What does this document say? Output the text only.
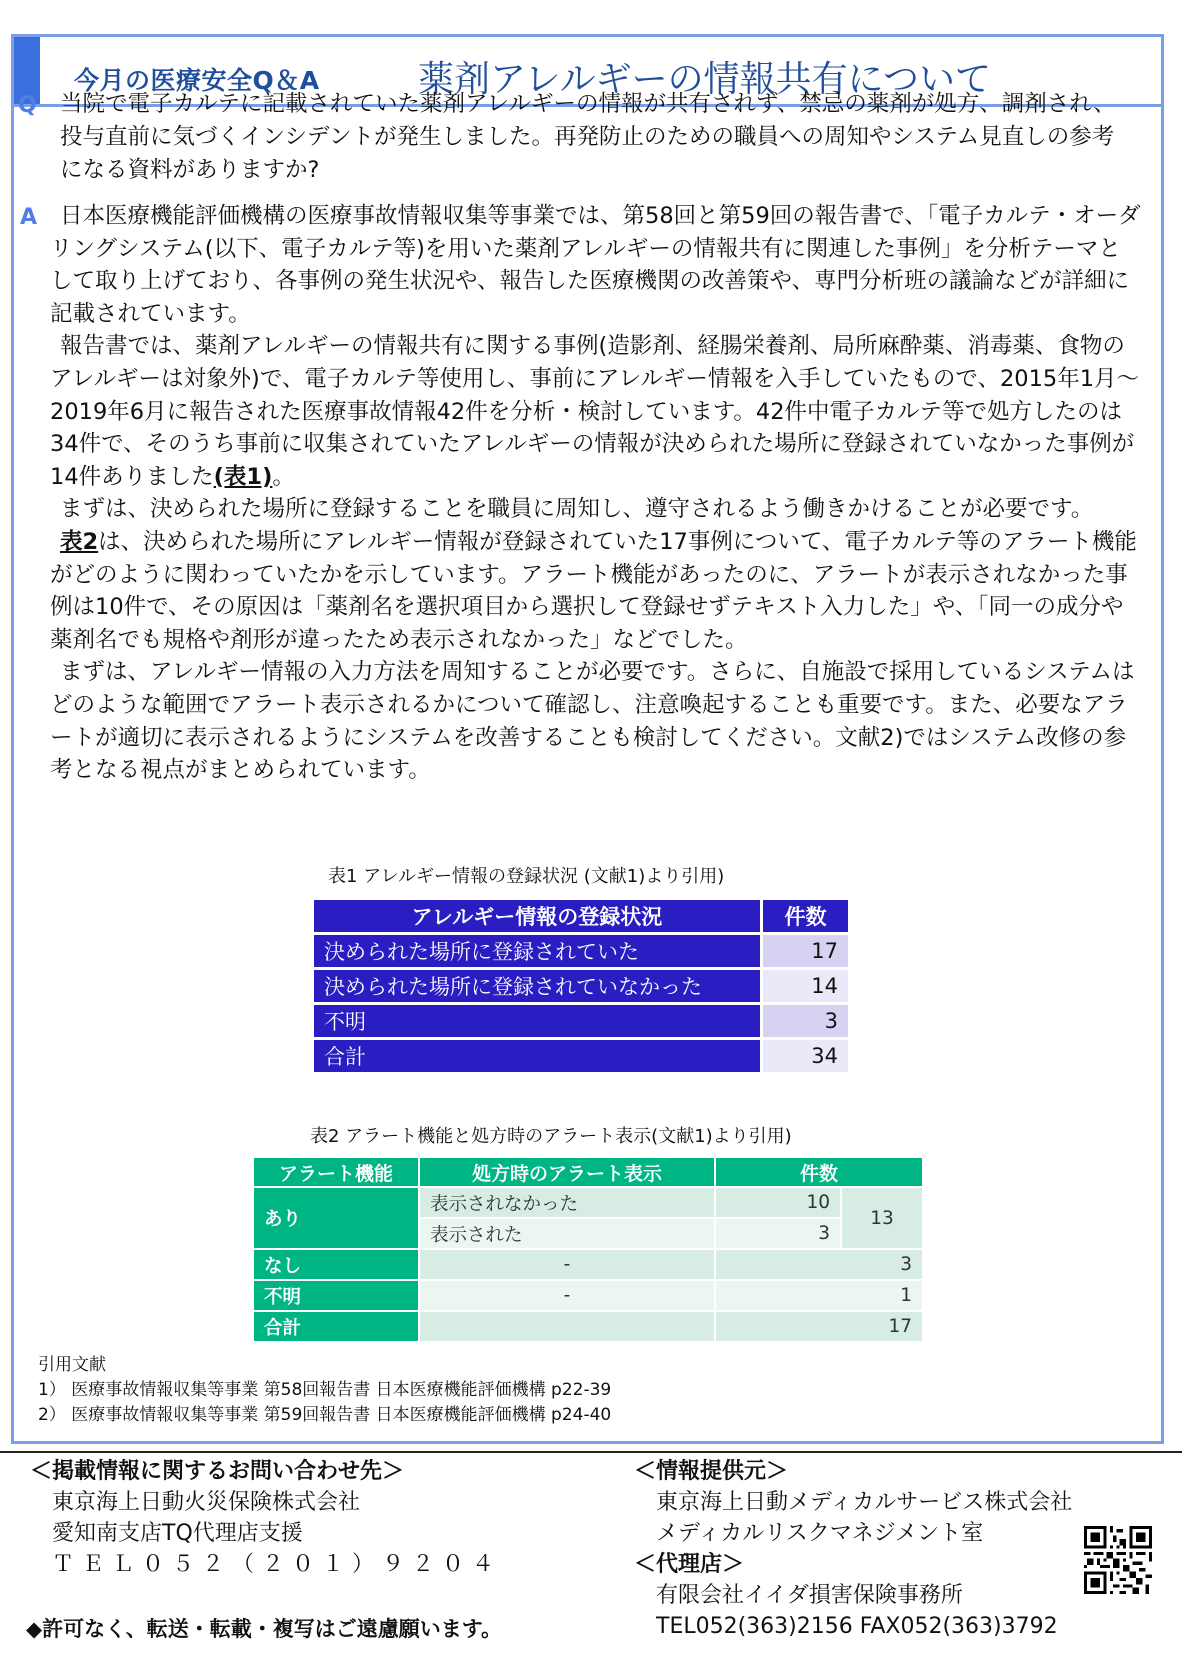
今月の医療安全Q＆A	薬剤アレルギーの情報共有について
Q 当院で電子カルテに記載されていた薬剤アレルギーの情報が共有されず、禁忌の薬剤が処方、調剤され、投与直前に気づくインシデントが発生しました。再発防止のための職員への周知やシステム見直しの参考になる資料がありますか?
A	日本医療機能評価機構の医療事故情報収集等事業では、第58回と第59回の報告書で、「電子カルテ・オーダリングシステム(以下、電子カルテ等)を用いた薬剤アレルギーの情報共有に関連した事例」を分析テーマとして取り上げており、各事例の発生状況や、報告した医療機関の改善策や、専門分析班の議論などが詳細に記載されています。

報告書では、薬剤アレルギーの情報共有に関する事例(造影剤、経腸栄養剤、局所麻酔薬、消毒薬、食物のアレルギーは対象外)で、電子カルテ等使用し、事前にアレルギー情報を入手していたもので、2015年1月～2019年6月に報告された医療事故情報42件を分析・検討しています。42件中電子カルテ等で処方したのは34件で、そのうち事前に収集されていたアレルギーの情報が決められた場所に登録されていなかった事例が14件ありました(表1)。

まずは、決められた場所に登録することを職員に周知し、遵守されるよう働きかけることが必要です。

表2は、決められた場所にアレルギー情報が登録されていた17事例について、電子カルテ等のアラート機能がどのように関わっていたかを示しています。アラート機能があったのに、アラートが表示されなかった事例は10件で、その原因は「薬剤名を選択項目から選択して登録せずテキスト入力した」や、「同一の成分や薬剤名でも規格や剤形が違ったため表示されなかった」などでした。

まずは、アレルギー情報の入力方法を周知することが必要です。さらに、自施設で採用しているシステムはどのような範囲でアラート表示されるかについて確認し、注意喚起することも重要です。また、必要なアラートが適切に表示されるようにシステムを改善することも検討してください。文献2)ではシステム改修の参考となる視点がまとめられています。

表1 アレルギー情報の登録状況 (文献1)より引用)
アレルギー情報の登録状況	件数
決められた場所に登録されていた	17
決められた場所に登録されていなかった	14
不明	3
合計	34
表2 アラート機能と処方時のアラート表示(文献1)より引用)
アラート機能	処方時のアラート表示	件数	
あり	表示されなかった	10	13
	表示された	3	
なし	-	3	
不明	-	1	
合計		17	
引用文献
1） 医療事故情報収集等事業 第58回報告書 日本医療機能評価機構 p22-39
2） 医療事故情報収集等事業 第59回報告書 日本医療機能評価機構 p24-40
＜掲載情報に関するお問い合わせ先＞
東京海上日動火災保険株式会社
愛知南支店TQ代理店支援
ＴＥＬ０５２（２０１）９２０４
＜情報提供元＞
東京海上日動メディカルサービス株式会社
メディカルリスクマネジメント室
＜代理店＞
有限会社イイダ損害保険事務所
TEL052(363)2156 FAX052(363)3792
◆許可なく、転送・転載・複写はご遠慮願います。
